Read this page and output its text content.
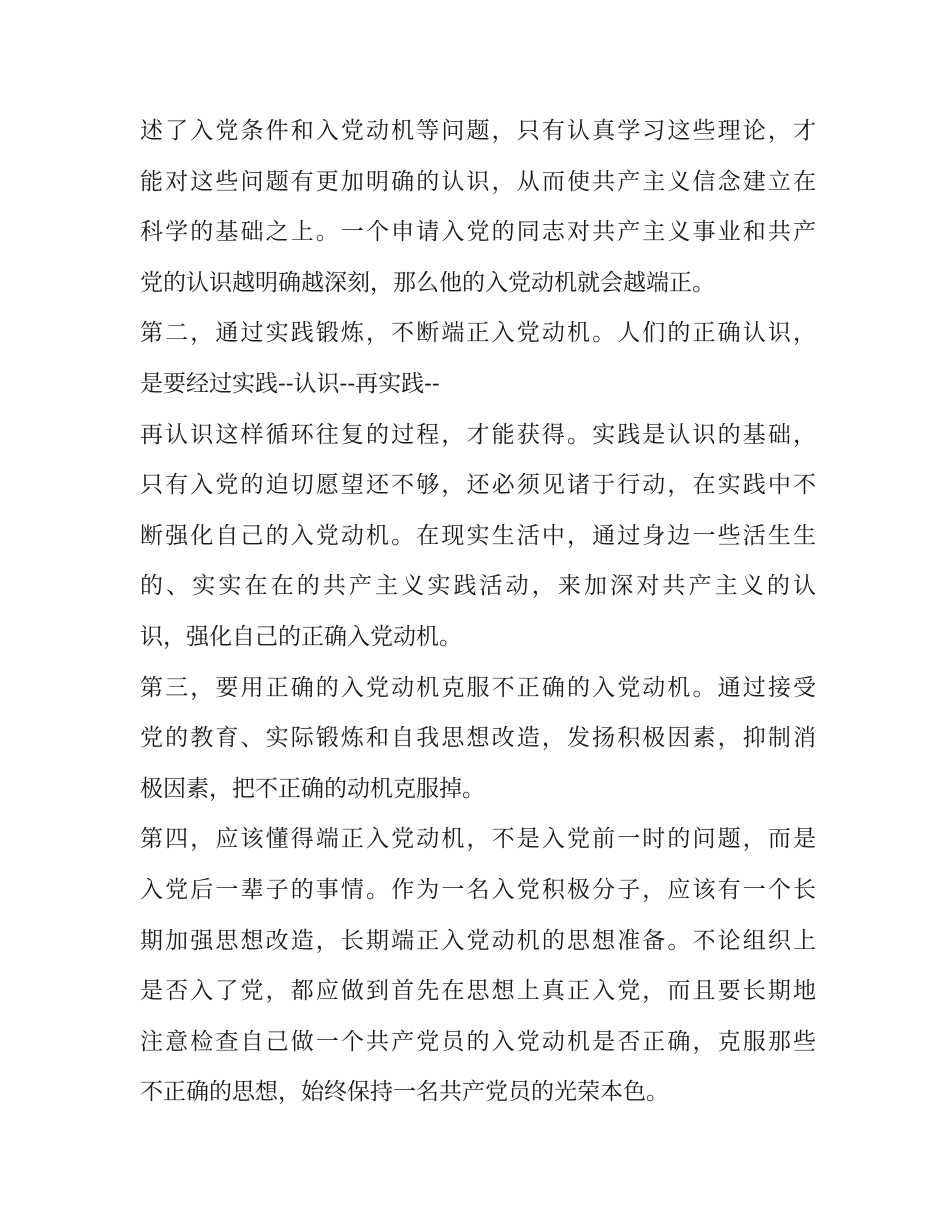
述了入党条件和入党动机等问题，只有认真学习这些理论，才
能对这些问题有更加明确的认识，从而使共产主义信念建立在
科学的基础之上。一个申请入党的同志对共产主义事业和共产
党的认识越明确越深刻，那么他的入党动机就会越端正。
第二，通过实践锻炼，不断端正入党动机。人们的正确认识，
是要经过实践--认识--再实践--
再认识这样循环往复的过程，才能获得。实践是认识的基础，
只有入党的迫切愿望还不够，还必须见诸于行动，在实践中不
断强化自己的入党动机。在现实生活中，通过身边一些活生生
的、实实在在的共产主义实践活动，来加深对共产主义的认
识，强化自己的正确入党动机。
第三，要用正确的入党动机克服不正确的入党动机。通过接受
党的教育、实际锻炼和自我思想改造，发扬积极因素，抑制消
极因素，把不正确的动机克服掉。
第四，应该懂得端正入党动机，不是入党前一时的问题，而是
入党后一辈子的事情。作为一名入党积极分子，应该有一个长
期加强思想改造，长期端正入党动机的思想准备。不论组织上
是否入了党，都应做到首先在思想上真正入党，而且要长期地
注意检查自己做一个共产党员的入党动机是否正确，克服那些
不正确的思想，始终保持一名共产党员的光荣本色。
